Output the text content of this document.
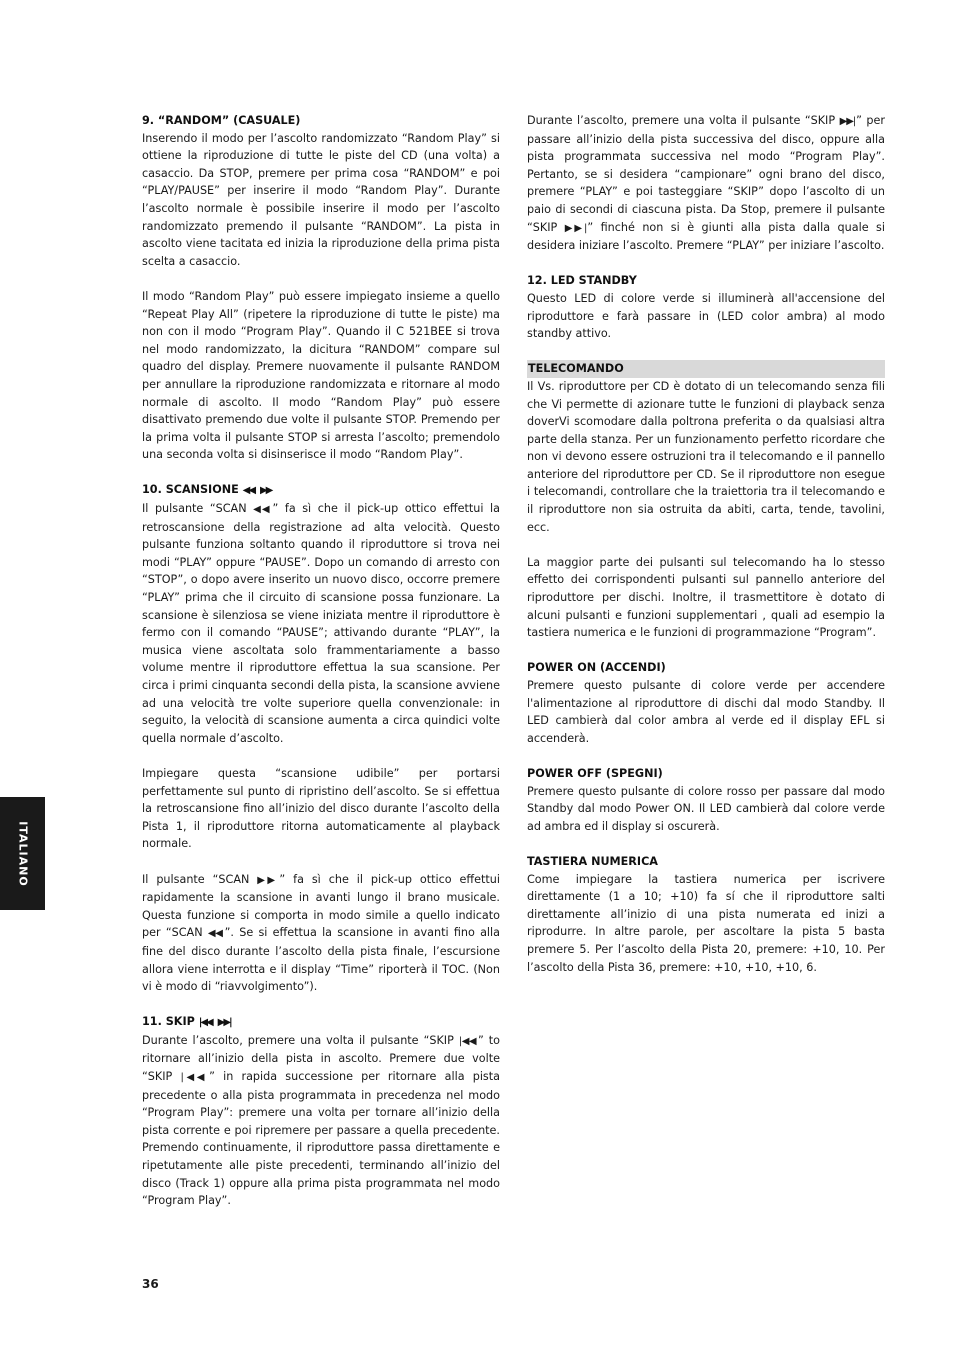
9. “RANDOM” (CASUALE)

Inserendo il modo per l’ascolto randomizzato “Random Play” si ottiene la riproduzione di tutte le piste del CD (una volta) a casaccio. Da STOP, premere per prima cosa “RANDOM” e poi “PLAY/PAUSE” per inserire il modo “Random Play”. Durante l’ascolto normale è possibile inserire il modo per l’ascolto randomizzato premendo il pulsante “RANDOM”. La pista in ascolto viene tacitata ed inizia la riproduzione della prima pista scelta a casaccio.

Il modo “Random Play” può essere impiegato insieme a quello “Repeat Play All” (ripetere la riproduzione di tutte le piste) ma non con il modo “Program Play”. Quando il C 521BEE si trova nel modo randomizzato, la dicitura “RANDOM” compare sul quadro del display. Premere nuovamente il pulsante RANDOM per annullare la riproduzione randomizzata e ritornare al modo normale di ascolto. Il modo “Random Play” può essere disattivato premendo due volte il pulsante STOP. Premendo per la prima volta il pulsante STOP si arresta l’ascolto; premendolo una seconda volta si disinserisce il modo “Random Play”.

10. SCANSIONE ◀◀ ▶▶

Il pulsante “SCAN ◀◀ ” fa sì che il pick-up ottico effettui la retroscansione della registrazione ad alta velocità. Questo pulsante funziona soltanto quando il riproduttore si trova nei modi “PLAY” oppure “PAUSE”. Dopo un comando di arresto con “STOP”, o dopo avere inserito un nuovo disco, occorre premere “PLAY” prima che il circuito di scansione possa funzionare. La scansione è silenziosa se viene iniziata mentre il riproduttore è fermo con il comando “PAUSE”; attivando durante “PLAY”, la musica viene ascoltata solo frammentariamente a basso volume mentre il riproduttore effettua la sua scansione. Per circa i primi cinquanta secondi della pista, la scansione avviene ad una velocità tre volte superiore quella convenzionale: in seguito, la velocità di scansione aumenta a circa quindici volte quella normale d’ascolto.

Impiegare questa “scansione udibile” per portarsi perfettamente sul punto di ripristino dell’ascolto. Se si effettua la retroscansione fino all’inizio del disco durante l’ascolto della Pista 1, il riproduttore ritorna automaticamente al playback normale.

Il pulsante “SCAN ▶▶ ” fa sì che il pick-up ottico effettui rapidamente la scansione in avanti lungo il brano musicale. Questa funzione si comporta in modo simile a quello indicato per “SCAN ◀◀ ”. Se si effettua la scansione in avanti fino alla fine del disco durante l’ascolto della pista finale, l’escursione allora viene interrotta e il display “Time” riporterà il TOC. (Non vi è modo di “riavvolgimento”).

11. SKIP |◀◀ ▶▶|

Durante l’ascolto, premere una volta il pulsante “SKIP |◀◀ ” to ritornare all’inizio della pista in ascolto. Premere due volte “SKIP |◀◀ ” in rapida successione per ritornare alla pista precedente o alla pista programmata in precedenza nel modo “Program Play”: premere una volta per tornare all’inizio della pista corrente e poi ripremere per passare a quella precedente. Premendo continuamente, il riproduttore passa direttamente e ripetutamente alle piste precedenti, terminando all’inizio del disco (Track 1) oppure alla prima pista programmata nel modo “Program Play”.

Durante l’ascolto, premere una volta il pulsante “SKIP ▶▶| ” per passare all’inizio della pista successiva del disco, oppure alla pista programmata successiva nel modo “Program Play”. Pertanto, se si desidera “campionare” ogni brano del disco, premere “PLAY” e poi tasteggiare “SKIP” dopo l’ascolto di un paio di secondi di ciascuna pista. Da Stop, premere il pulsante “SKIP ▶▶| ” finché non si è giunti alla pista dalla quale si desidera iniziare l’ascolto. Premere “PLAY” per iniziare l’ascolto.

12. LED STANDBY

Questo LED di colore verde si illuminerà all'accensione del riproduttore e farà passare in (LED color ambra) al modo standby attivo.

TELECOMANDO

Il Vs. riproduttore per CD è dotato di un telecomando senza fili che Vi permette di azionare tutte le funzioni di playback senza doverVi scomodare dalla poltrona preferita o da qualsiasi altra parte della stanza. Per un funzionamento perfetto ricordare che non vi devono essere ostruzioni tra il telecomando e il pannello anteriore del riproduttore per CD. Se il riproduttore non esegue i telecomandi, controllare che la traiettoria tra il telecomando e il riproduttore non sia ostruita da abiti, carta, tende, tavolini, ecc.

La maggior parte dei pulsanti sul telecomando ha lo stesso effetto dei corrispondenti pulsanti sul pannello anteriore del riproduttore per dischi. Inoltre, il trasmettitore è dotato di alcuni pulsanti e funzioni supplementari , quali ad esempio la tastiera numerica e le funzioni di programmazione “Program”.

POWER ON (ACCENDI)

Premere questo pulsante di colore verde per accendere l'alimentazione al riproduttore di dischi dal modo Standby. Il LED cambierà dal color ambra al verde ed il display EFL si accenderà.

POWER OFF (SPEGNI)

Premere questo pulsante di colore rosso per passare dal modo Standby dal modo Power ON. Il LED cambierà dal colore verde ad ambra ed il display si oscurerà.

TASTIERA NUMERICA

Come impiegare la tastiera numerica per iscrivere direttamente (1 a 10; +10) fa sí che il riproduttore salti direttamente all’inizio di una pista numerata ed inizi a riprodurre. In altre parole, per ascoltare la pista 5 basta premere 5. Per l’ascolto della Pista 20, premere: +10, 10. Per l’ascolto della Pista 36, premere: +10, +10, +10, 6.

ITALIANO
36
